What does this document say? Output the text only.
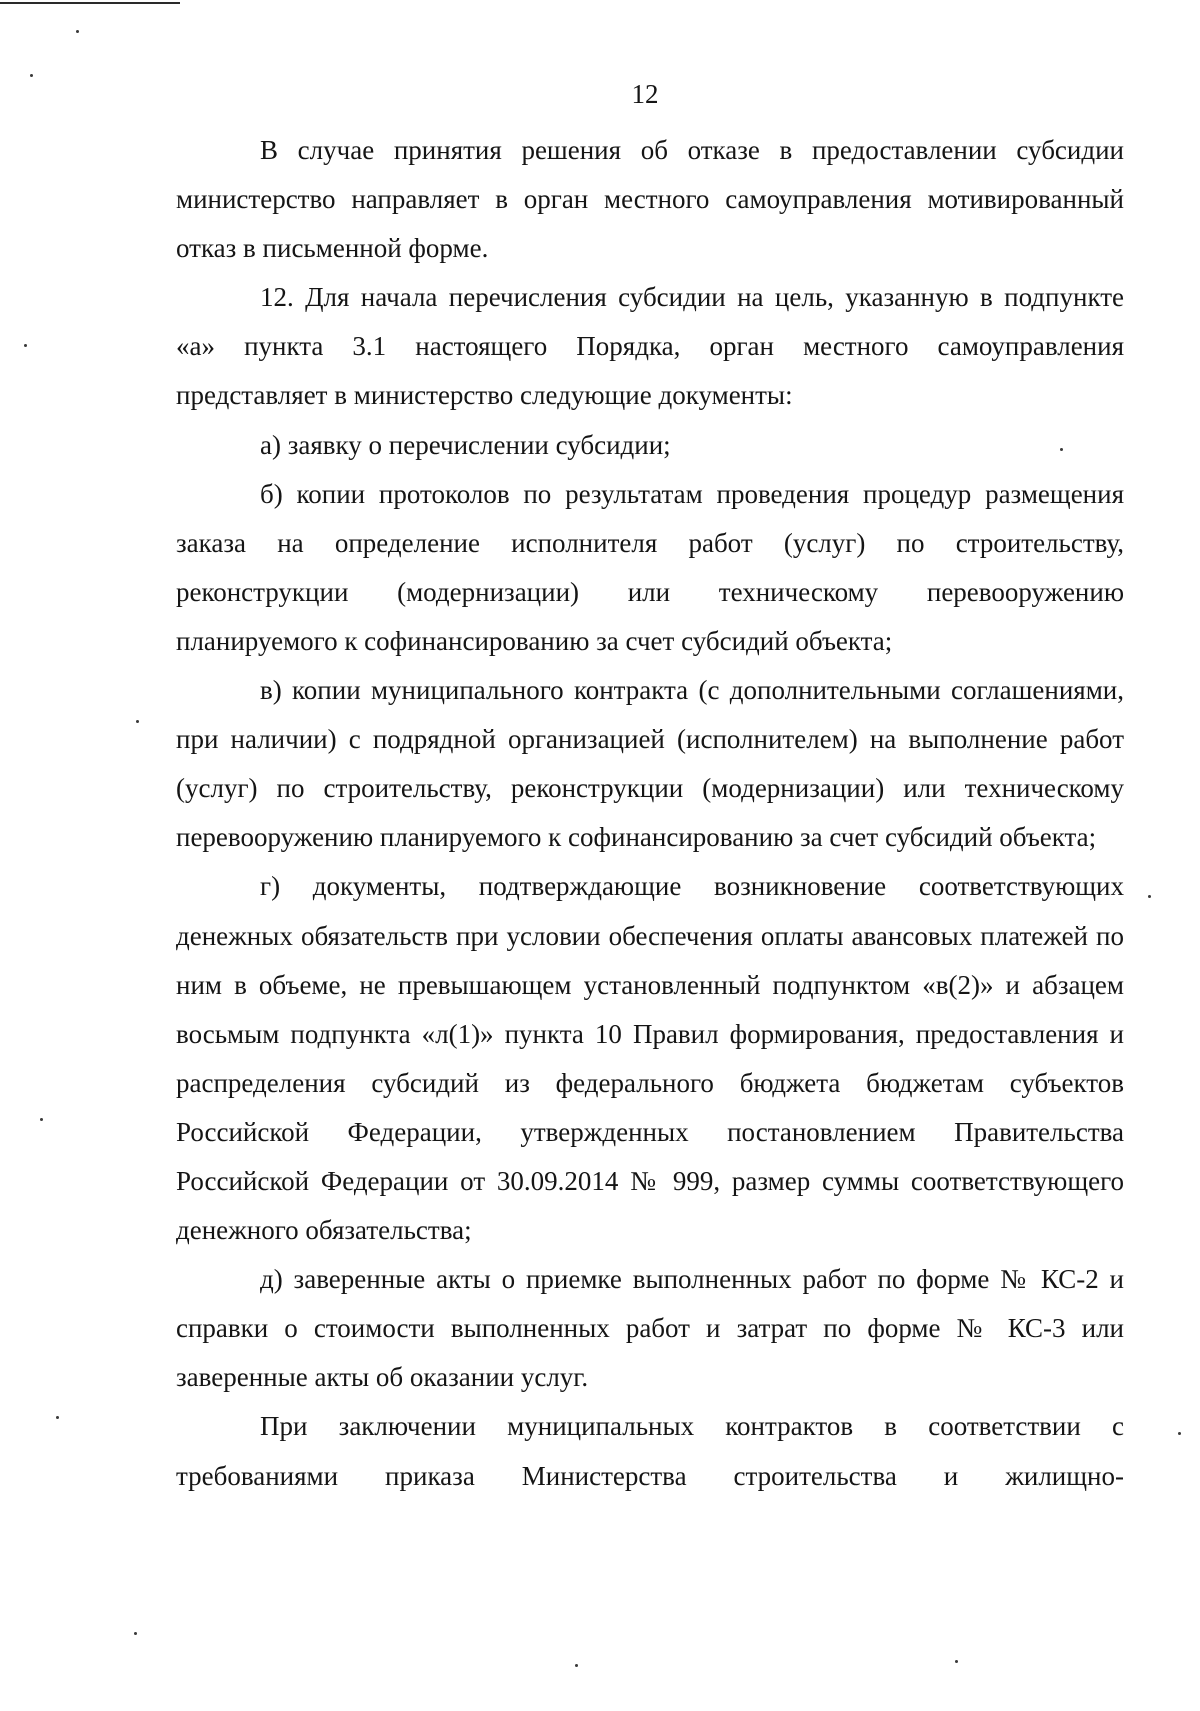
12

В случае принятия решения об отказе в предоставлении субсидии министерство направляет в орган местного самоуправления мотивированный отказ в письменной форме.

12. Для начала перечисления субсидии на цель, указанную в подпункте «а» пункта 3.1 настоящего Порядка, орган местного самоуправления представляет в министерство следующие документы:

а) заявку о перечислении субсидии;

б) копии протоколов по результатам проведения процедур размещения заказа на определение исполнителя работ (услуг) по строительству, реконструкции (модернизации) или техническому перевооружению планируемого к софинансированию за счет субсидий объекта;

в) копии муниципального контракта (с дополнительными соглашениями, при наличии) с подрядной организацией (исполнителем) на выполнение работ (услуг) по строительству, реконструкции (модернизации) или техническому перевооружению планируемого к софинансированию за счет субсидий объекта;

г) документы, подтверждающие возникновение соответствующих денежных обязательств при условии обеспечения оплаты авансовых платежей по ним в объеме, не превышающем установленный подпунктом «в(2)» и абзацем восьмым подпункта «л(1)» пункта 10 Правил формирования, предоставления и распределения субсидий из федерального бюджета бюджетам субъектов Российской Федерации, утвержденных постановлением Правительства Российской Федерации от 30.09.2014 № 999, размер суммы соответствующего денежного обязательства;

д) заверенные акты о приемке выполненных работ по форме № КС-2 и справки о стоимости выполненных работ и затрат по форме № КС-3 или заверенные акты об оказании услуг.

При заключении муниципальных контрактов в соответствии с требованиями приказа Министерства строительства и жилищно-
